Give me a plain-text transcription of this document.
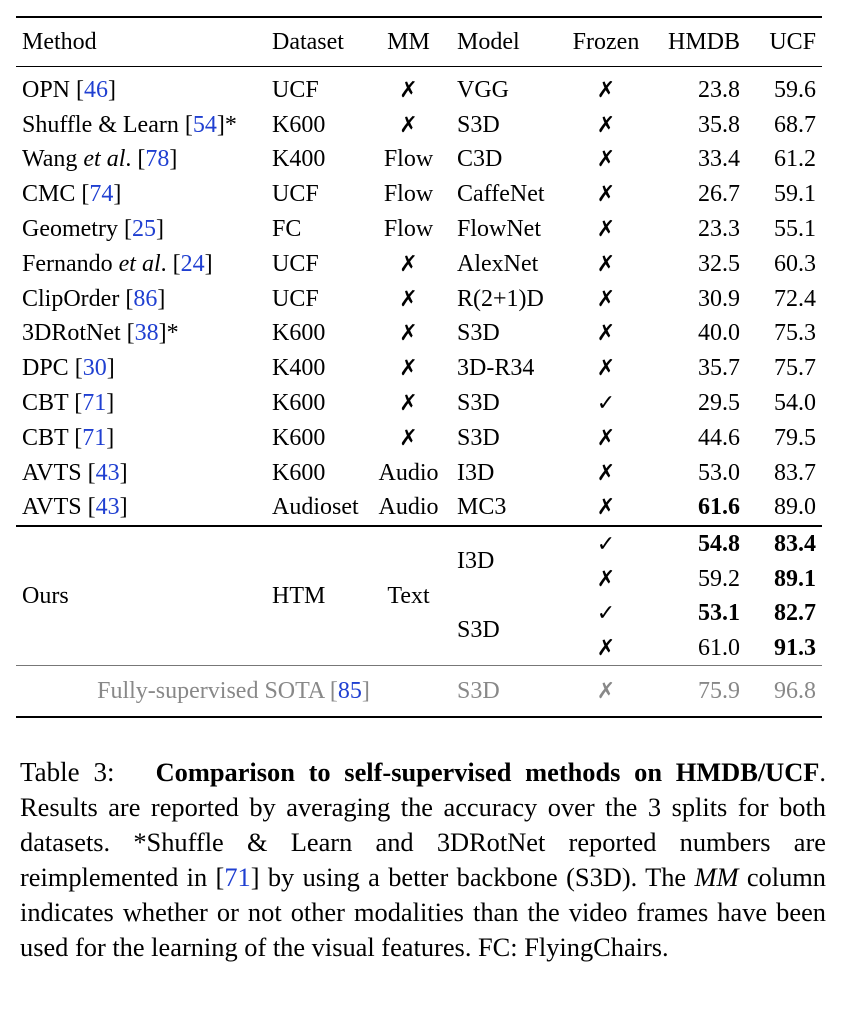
Method	Dataset	MM	Model	Frozen	HMDB	UCF
OPN [46]	UCF	✗	VGG	✗	23.8	59.6
Shuffle & Learn [54]*	K600	✗	S3D	✗	35.8	68.7
Wang et al. [78]	K400	Flow	C3D	✗	33.4	61.2
CMC [74]	UCF	Flow	CaffeNet	✗	26.7	59.1
Geometry [25]	FC	Flow	FlowNet	✗	23.3	55.1
Fernando et al. [24]	UCF	✗	AlexNet	✗	32.5	60.3
ClipOrder [86]	UCF	✗	R(2+1)D	✗	30.9	72.4
3DRotNet [38]*	K600	✗	S3D	✗	40.0	75.3
DPC [30]	K400	✗	3D-R34	✗	35.7	75.7
CBT [71]	K600	✗	S3D	✓	29.5	54.0
CBT [71]	K600	✗	S3D	✗	44.6	79.5
AVTS [43]	K600	Audio	I3D	✗	53.0	83.7
AVTS [43]	Audioset	Audio	MC3	✗	61.6	89.0
Ours	HTM	Text	I3D	✓	54.8	83.4
				✗	59.2	89.1
			S3D	✓	53.1	82.7
				✗	61.0	91.3
Fully-supervised SOTA [85]			S3D	✗	75.9	96.8
Table 3: Comparison to self-supervised methods on HMDB/UCF. Results are reported by averaging the accuracy over the 3 splits for both datasets. *Shuffle & Learn and 3DRotNet reported numbers are reimplemented in [71] by using a better backbone (S3D). The MM column indicates whether or not other modalities than the video frames have been used for the learning of the visual features. FC: FlyingChairs.
